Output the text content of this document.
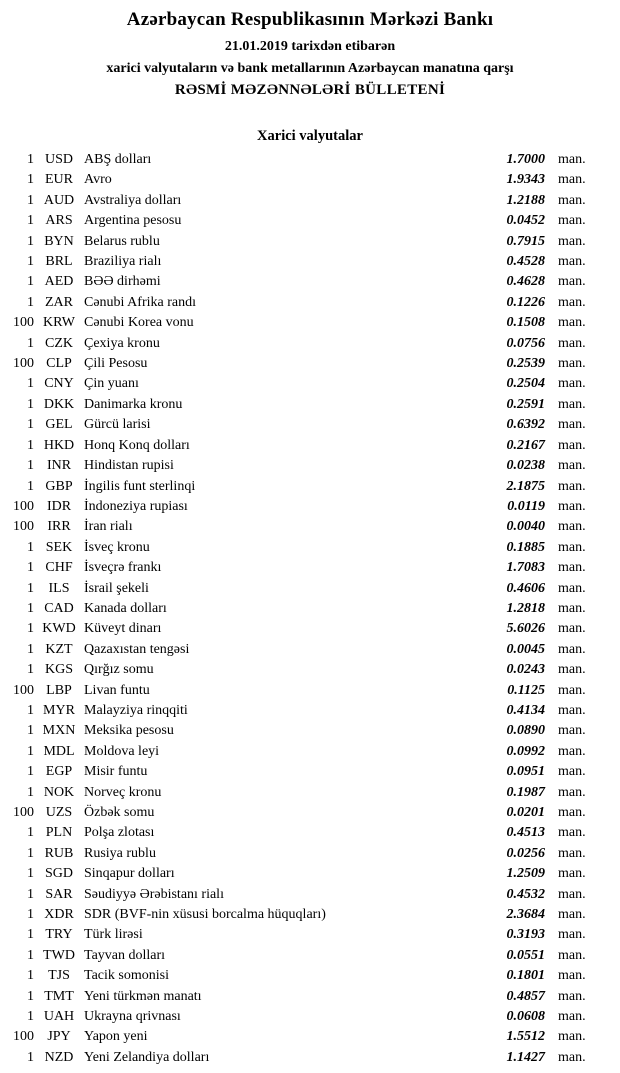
Azərbaycan Respublikasının Mərkəzi Bankı
21.01.2019 tarixdən etibarən
xarici valyutaların və bank metallarının Azərbaycan manatına qarşı
RƏSMİ MƏZƏNNƏLƏRİ BÜLLETENİ
Xarici valyutalar
1 USD ABŞ dolları	1.7000 man.
1 EUR Avro	1.9343 man.
1 AUD Avstraliya dolları	1.2188 man.
1 ARS Argentina pesosu	0.0452 man.
1 BYN Belarus rublu	0.7915 man.
1 BRL Braziliya rialı	0.4528 man.
1 AED BƏƏ dirhəmi	0.4628 man.
1 ZAR Cənubi Afrika randı	0.1226 man.
100 KRW Cənubi Korea vonu	0.1508 man.
1 CZK Çexiya kronu	0.0756 man.
100 CLP Çili Pesosu	0.2539 man.
1 CNY Çin yuanı	0.2504 man.
1 DKK Danimarka kronu	0.2591 man.
1 GEL Gürcü larisi	0.6392 man.
1 HKD Honq Konq dolları	0.2167 man.
1 INR Hindistan rupisi	0.0238 man.
1 GBP İngilis funt sterlinqi	2.1875 man.
100 IDR İndoneziya rupiası	0.0119 man.
100 IRR İran rialı	0.0040 man.
1 SEK İsveç kronu	0.1885 man.
1 CHF İsveçrə frankı	1.7083 man.
1	ILS	İsrail şekeli	0.4606 man.
1 CAD Kanada dolları	1.2818 man.
1 KWD Küveyt dinarı	5.6026 man.
1 KZT Qazaxıstan tengəsi	0.0045 man.
1 KGS Qırğız somu	0.0243 man.
100 LBP Livan funtu	0.1125 man.
1 MYR Malayziya rinqqiti	0.4134 man.
1 MXN Meksika pesosu	0.0890 man.
1 MDL Moldova leyi	0.0992 man.
1 EGP Misir funtu	0.0951 man.
1 NOK Norveç kronu	0.1987 man.
100 UZS Özbək somu	0.0201 man.
1 PLN Polşa zlotası	0.4513 man.
1 RUB Rusiya rublu	0.0256 man.
1 SGD Sinqapur dolları	1.2509 man.
1 SAR Səudiyyə Ərəbistanı rialı	0.4532 man.
1 XDR SDR (BVF-nin xüsusi borcalma hüquqları)	2.3684 man.
1 TRY Türk lirəsi	0.3193 man.
1 TWD Tayvan dolları	0.0551 man.
1	TJS	Tacik somonisi	0.1801 man.
1 TMT Yeni türkmən manatı	0.4857 man.
1 UAH Ukrayna qrivnası	0.0608 man.
100 JPY Yapon yeni	1.5512 man.
1 NZD Yeni Zelandiya dolları	1.1427 man.
